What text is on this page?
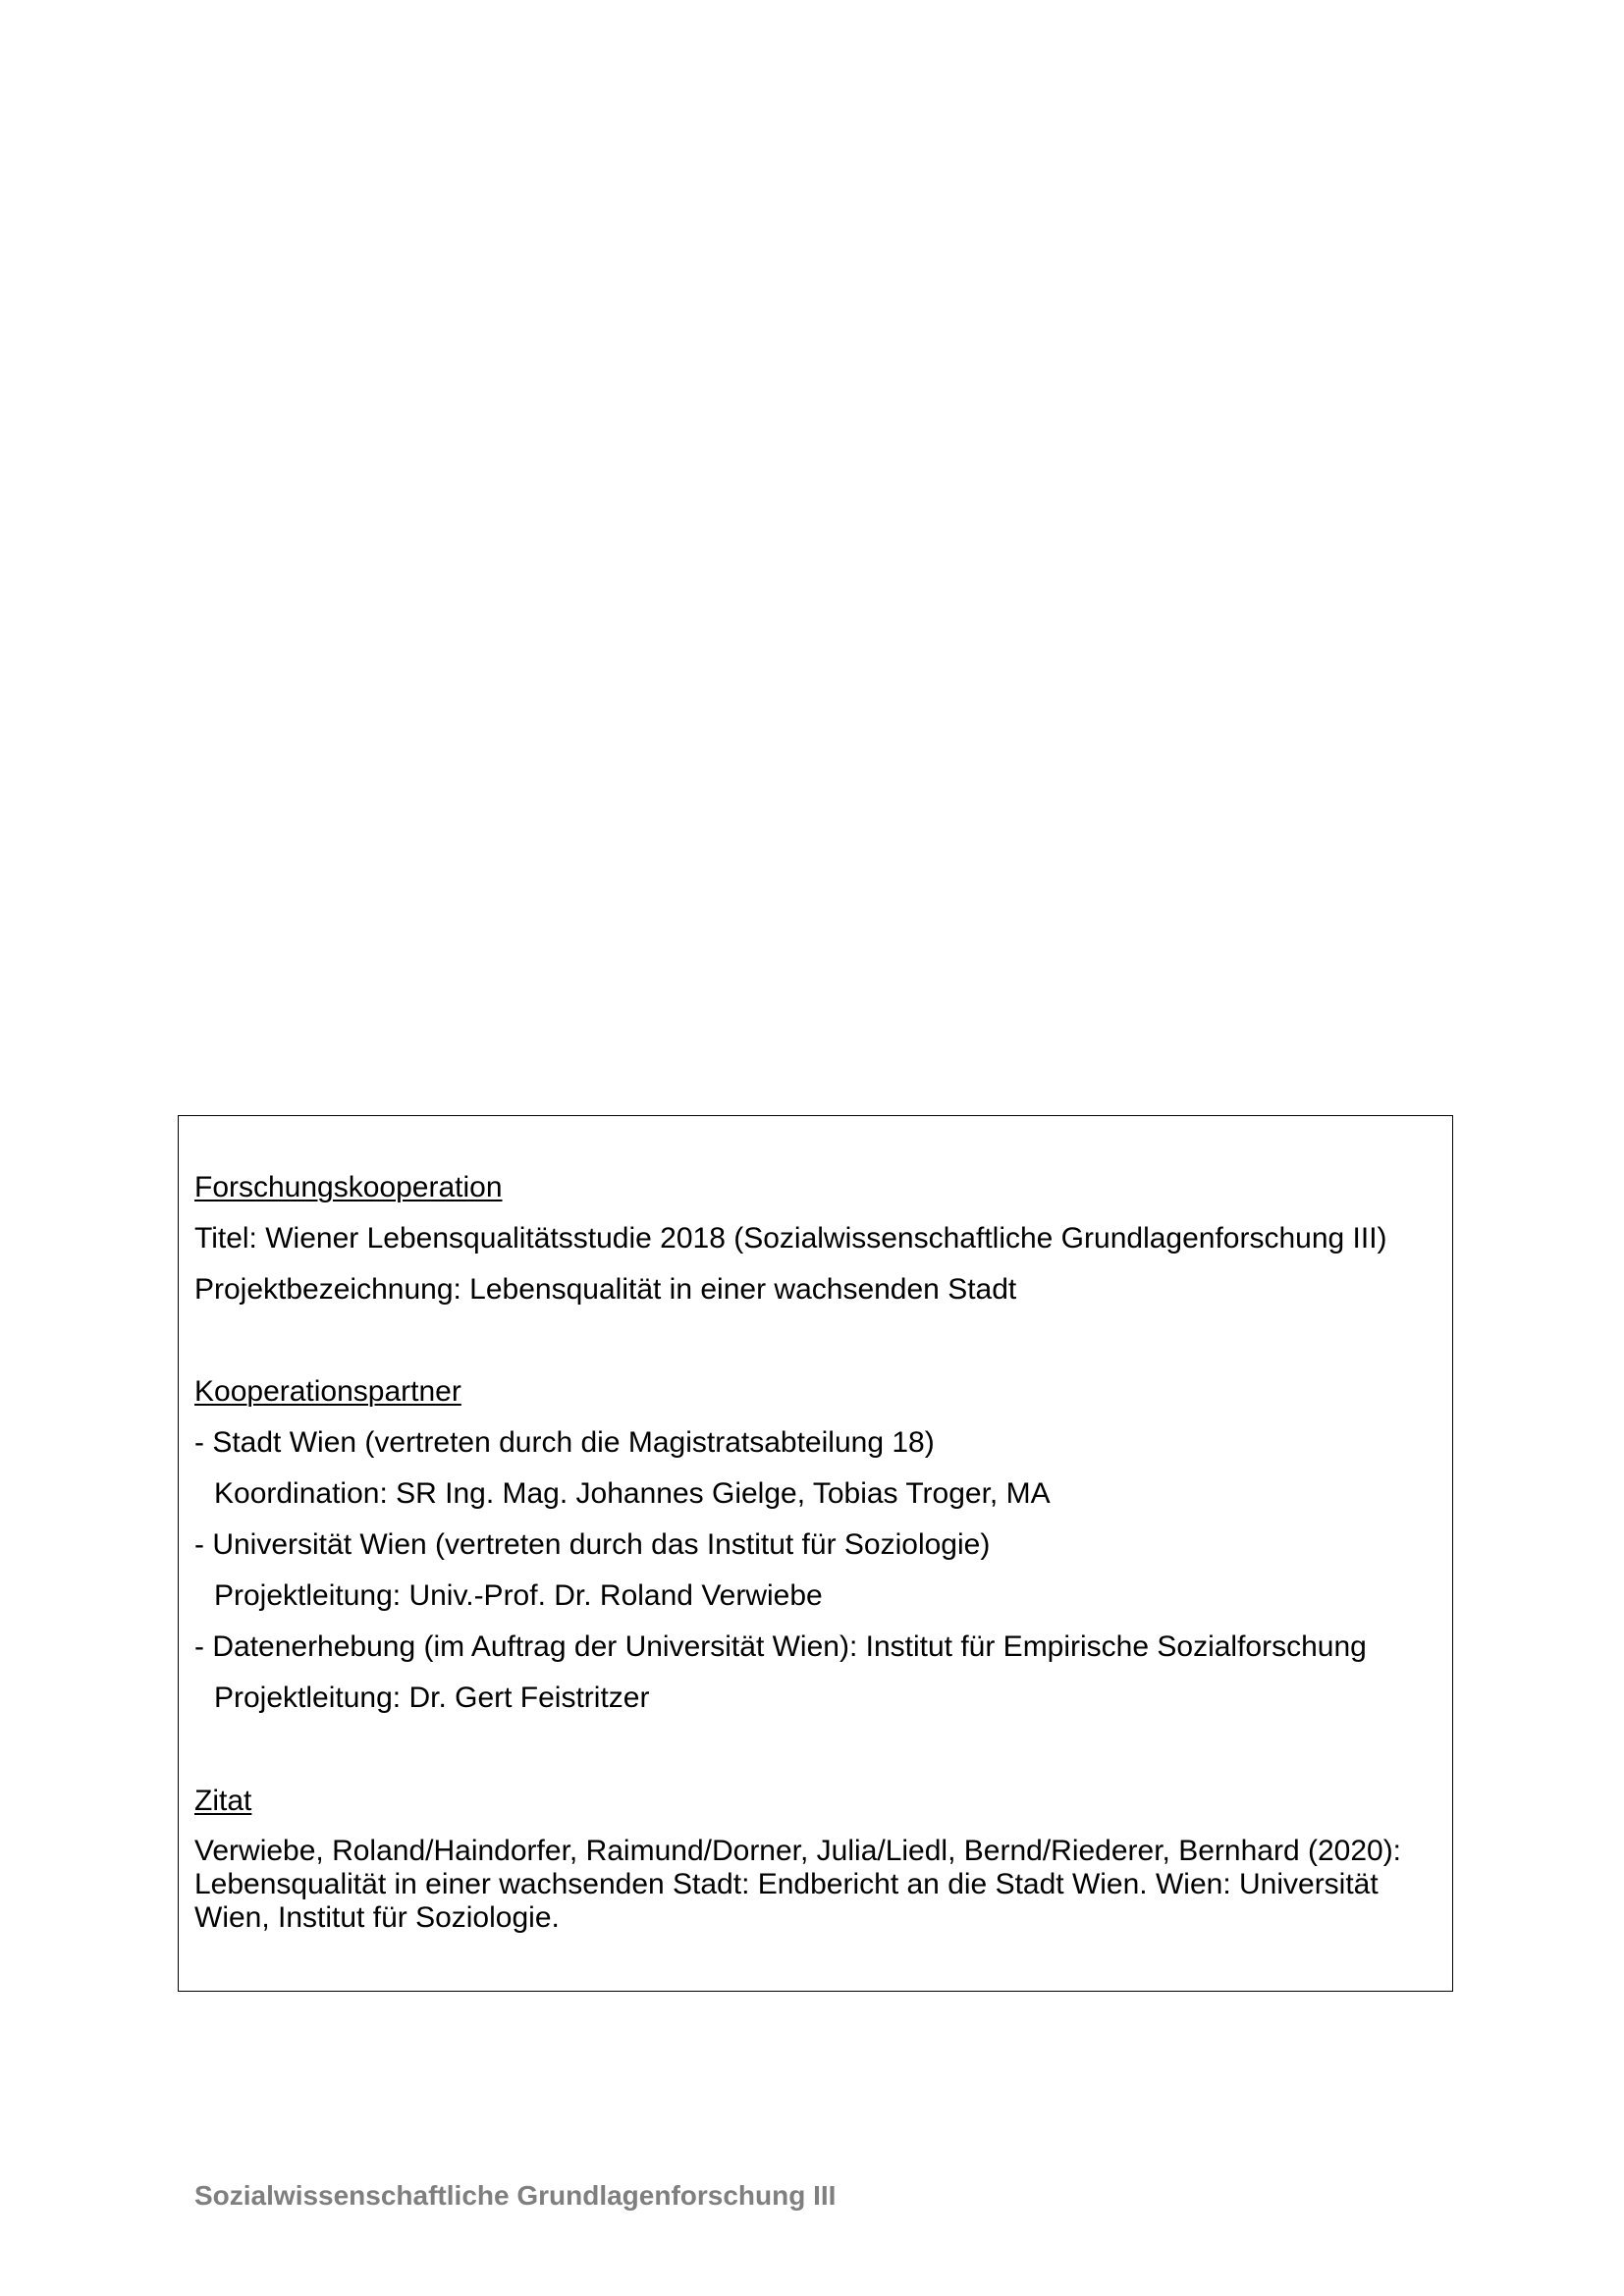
Forschungskooperation
Titel: Wiener Lebensqualitätsstudie 2018 (Sozialwissenschaftliche Grundlagenforschung III)
Projektbezeichnung: Lebensqualität in einer wachsenden Stadt
Kooperationspartner
- Stadt Wien (vertreten durch die Magistratsabteilung 18)
Koordination: SR Ing. Mag. Johannes Gielge, Tobias Troger, MA
- Universität Wien (vertreten durch das Institut für Soziologie)
Projektleitung: Univ.-Prof. Dr. Roland Verwiebe
- Datenerhebung (im Auftrag der Universität Wien): Institut für Empirische Sozialforschung
Projektleitung: Dr. Gert Feistritzer
Zitat
Verwiebe, Roland/Haindorfer, Raimund/Dorner, Julia/Liedl, Bernd/Riederer, Bernhard (2020): Lebensqualität in einer wachsenden Stadt: Endbericht an die Stadt Wien. Wien: Universität Wien, Institut für Soziologie.
Sozialwissenschaftliche Grundlagenforschung III
